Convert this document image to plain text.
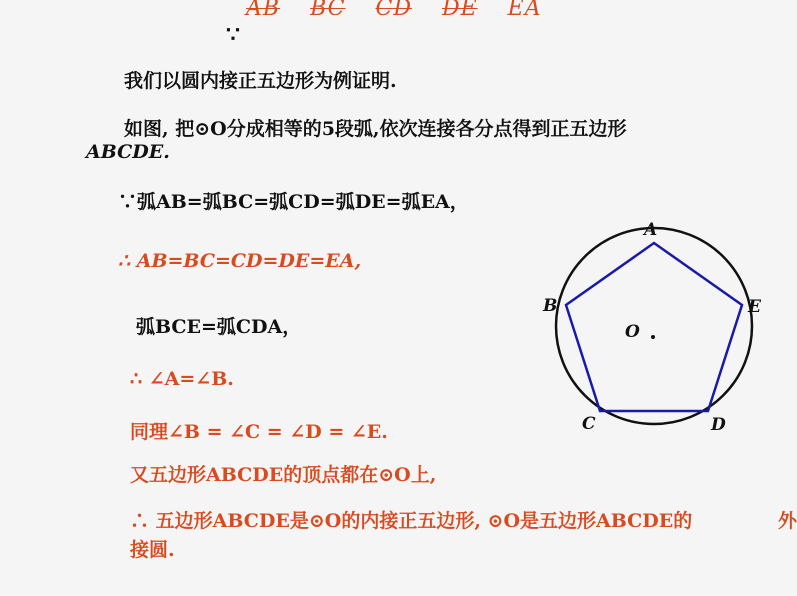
AB BC CD DE EA
∵
我们以圆内接正五边形为例证明.
如图, 把⊙O分成相等的5段弧,依次连接各分点得到正五边形
ABCDE.
∵弧AB=弧BC=弧CD=弧DE=弧EA，
∴ AB=BC=CD=DE=EA,
弧BCE=弧CDA，
∴ ∠A=∠B.
同理∠B = ∠C = ∠D = ∠E.
又五边形ABCDE的顶点都在⊙O上,
∴ 五边形ABCDE是⊙O的内接正五边形, ⊙O是五边形ABCDE的	外
接圆.
A
B
C	D
E
O
